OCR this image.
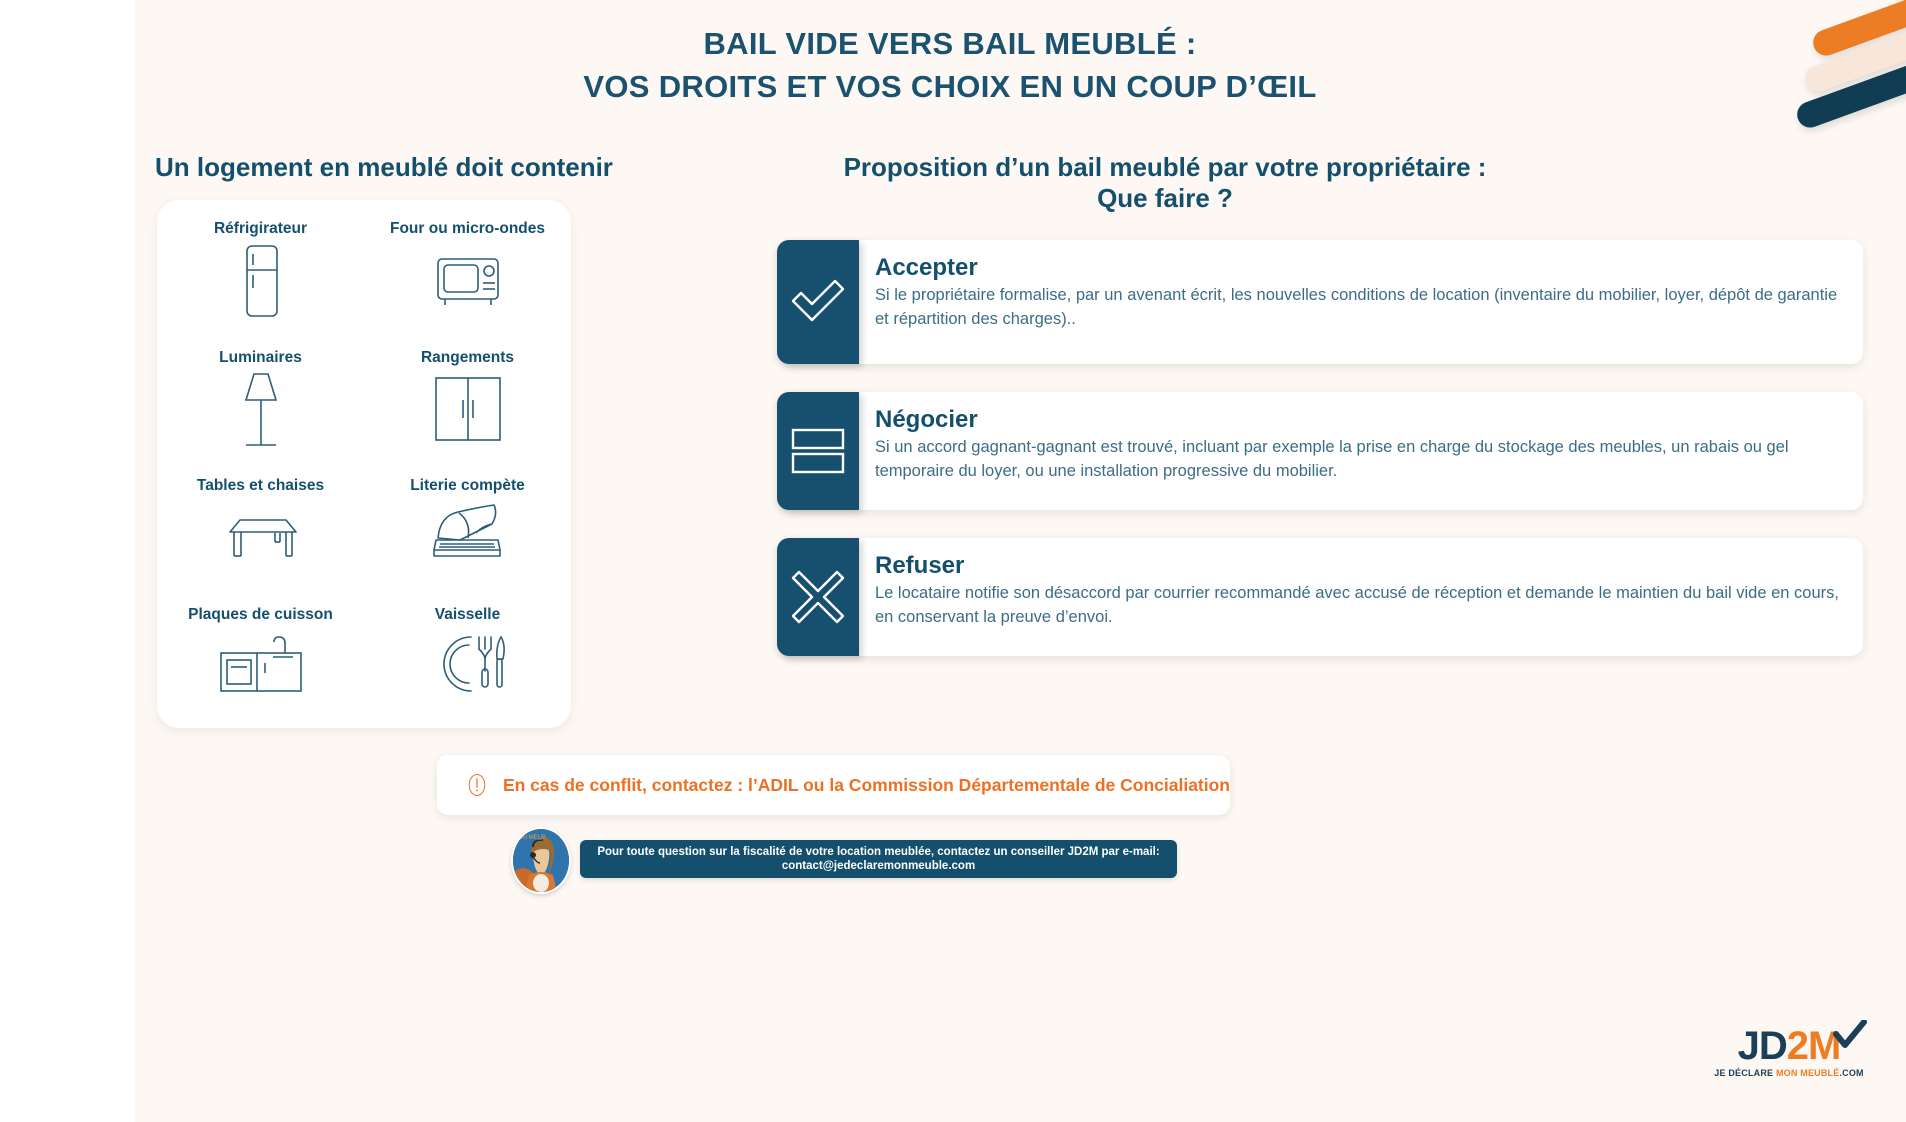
BAIL VIDE VERS BAIL MEUBLÉ :
VOS DROITS ET VOS CHOIX EN UN COUP D’ŒIL
Un logement en meublé doit contenir	Proposition d’un bail meublé par votre propriétaire :
Que faire ?
Réfrigirateur	Four ou micro-ondes
Luminaires	Rangements
Tables et chaises	Literie compète
Plaques de cuisson	Vaisselle
Accepter
Si le propriétaire formalise, par un avenant écrit, les nouvelles conditions de location (inventaire du mobilier, loyer, dépôt de garantie et répartition des charges)..
Négocier
Si un accord gagnant-gagnant est trouvé, incluant par exemple la prise en charge du stockage des meubles, un rabais ou gel temporaire du loyer, ou une installation progressive du mobilier.
Refuser
Le locataire notifie son désaccord par courrier recommandé avec accusé de réception et demande le maintien du bail vide en cours, en conservant la preuve d’envoi.
En cas de conflit, contactez : l’ADIL ou la Commission Départementale de Concialiation
ON MEUB
Pour toute question sur la fiscalité de votre location meublée, contactez un conseiller JD2M par e-mail:
contact@jedeclaremonmeuble.com
JD 2 M
JE DÉCLARE MON MEUBLÉ.COM
